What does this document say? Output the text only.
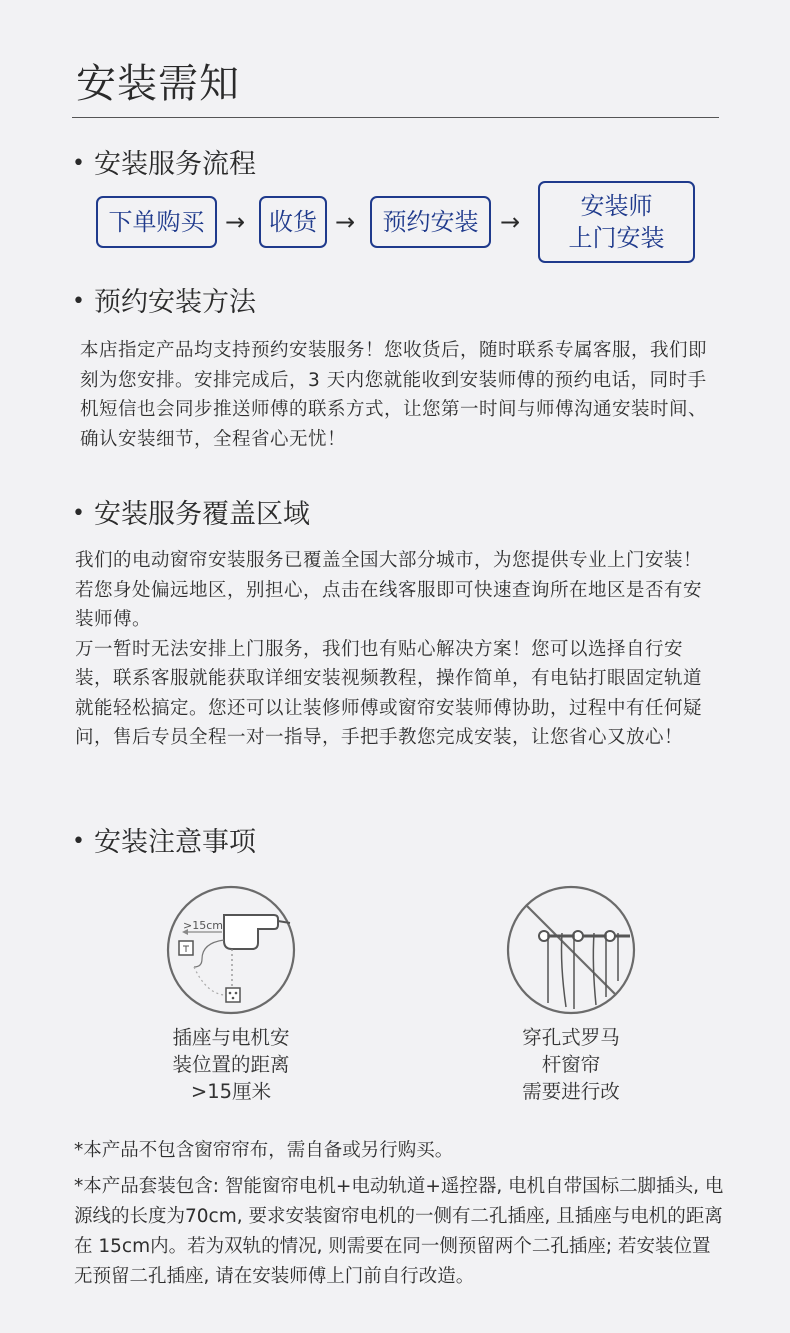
安装需知
• 安装服务流程
下单购买 → 收货 →	预约安装 →
安装师
上门安装
• 预约安装方法

本店指定产品均支持预约安装服务！您收货后，随时联系专属客服，我们即刻为您安排。安排完成后，3 天内您就能收到安装师傅的预约电话，同时手机短信也会同步推送师傅的联系方式，让您第一时间与师傅沟通安装时间、确认安装细节，全程省心无忧！

• 安装服务覆盖区域

我们的电动窗帘安装服务已覆盖全国大部分城市，为您提供专业上门安装！若您身处偏远地区，别担心，点击在线客服即可快速查询所在地区是否有安装师傅。

万一暂时无法安排上门服务，我们也有贴心解决方案！您可以选择自行安装，联系客服就能获取详细安装视频教程，操作简单，有电钻打眼固定轨道就能轻松搞定。您还可以让装修师傅或窗帘安装师傅协助，过程中有任何疑问，售后专员全程一对一指导，手把手教您完成安装，让您省心又放心！

• 安装注意事项
>15cm

插座与电机安
装位置的距离
>15厘米

穿孔式罗马
杆窗帘
需要进行改

*本产品不包含窗帘帘布，需自备或另行购买。

*本产品套装包含: 智能窗帘电机+电动轨道+遥控器, 电机自带国标二脚插头, 电源线的长度为70cm, 要求安装窗帘电机的一侧有二孔插座, 且插座与电机的距离在 15cm内。若为双轨的情况, 则需要在同一侧预留两个二孔插座; 若安装位置无预留二孔插座, 请在安装师傅上门前自行改造。
